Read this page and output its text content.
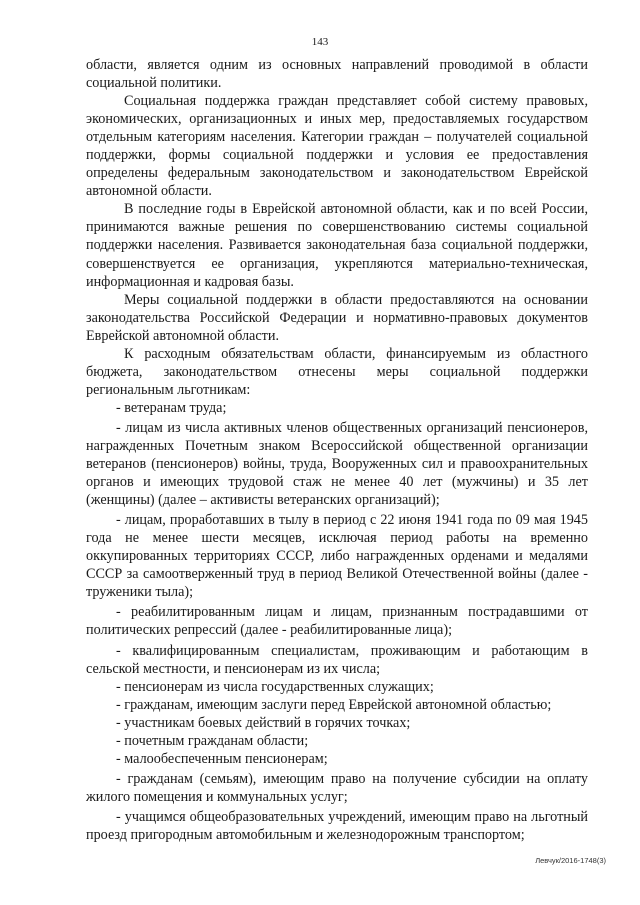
143

области, является одним из основных направлений проводимой в области социальной политики.

Социальная поддержка граждан представляет собой систему правовых, экономических, организационных и иных мер, предоставляемых государством отдельным категориям населения. Категории граждан – получателей социальной поддержки, формы социальной поддержки и условия ее предоставления определены федеральным законодательством и законодательством Еврейской автономной области.

В последние годы в Еврейской автономной области, как и по всей России, принимаются важные решения по совершенствованию системы социальной поддержки населения. Развивается законодательная база социальной поддержки, совершенствуется ее организация, укрепляются материально-техническая, информационная и кадровая базы.

Меры социальной поддержки в области предоставляются на основании законодательства Российской Федерации и нормативно-правовых документов Еврейской автономной области.

К расходным обязательствам области, финансируемым из областного бюджета, законодательством отнесены меры социальной поддержки региональным льготникам:

- ветеранам труда;

- лицам из числа активных членов общественных организаций пенсионеров, награжденных Почетным знаком Всероссийской общественной организации ветеранов (пенсионеров) войны, труда, Вооруженных сил и правоохранительных органов и имеющих трудовой стаж не менее 40 лет (мужчины) и 35 лет (женщины) (далее – активисты ветеранских организаций);

- лицам, проработавших в тылу в период с 22 июня 1941 года по 09 мая 1945 года не менее шести месяцев, исключая период работы на временно оккупированных территориях СССР, либо награжденных орденами и медалями СССР за самоотверженный труд в период Великой Отечественной войны (далее - труженики тыла);

- реабилитированным лицам и лицам, признанным пострадавшими от политических репрессий (далее - реабилитированные лица);

- квалифицированным специалистам, проживающим и работающим в сельской местности, и пенсионерам из их числа;

- пенсионерам из числа государственных служащих;

- гражданам, имеющим заслуги перед Еврейской автономной областью;

- участникам боевых действий в горячих точках;

- почетным гражданам области;

- малообеспеченным пенсионерам;

- гражданам (семьям), имеющим право на получение субсидии на оплату жилого помещения и коммунальных услуг;

- учащимся общеобразовательных учреждений, имеющим право на льготный проезд пригородным автомобильным и железнодорожным транспортом;

Левчук/2016-1748(3)
